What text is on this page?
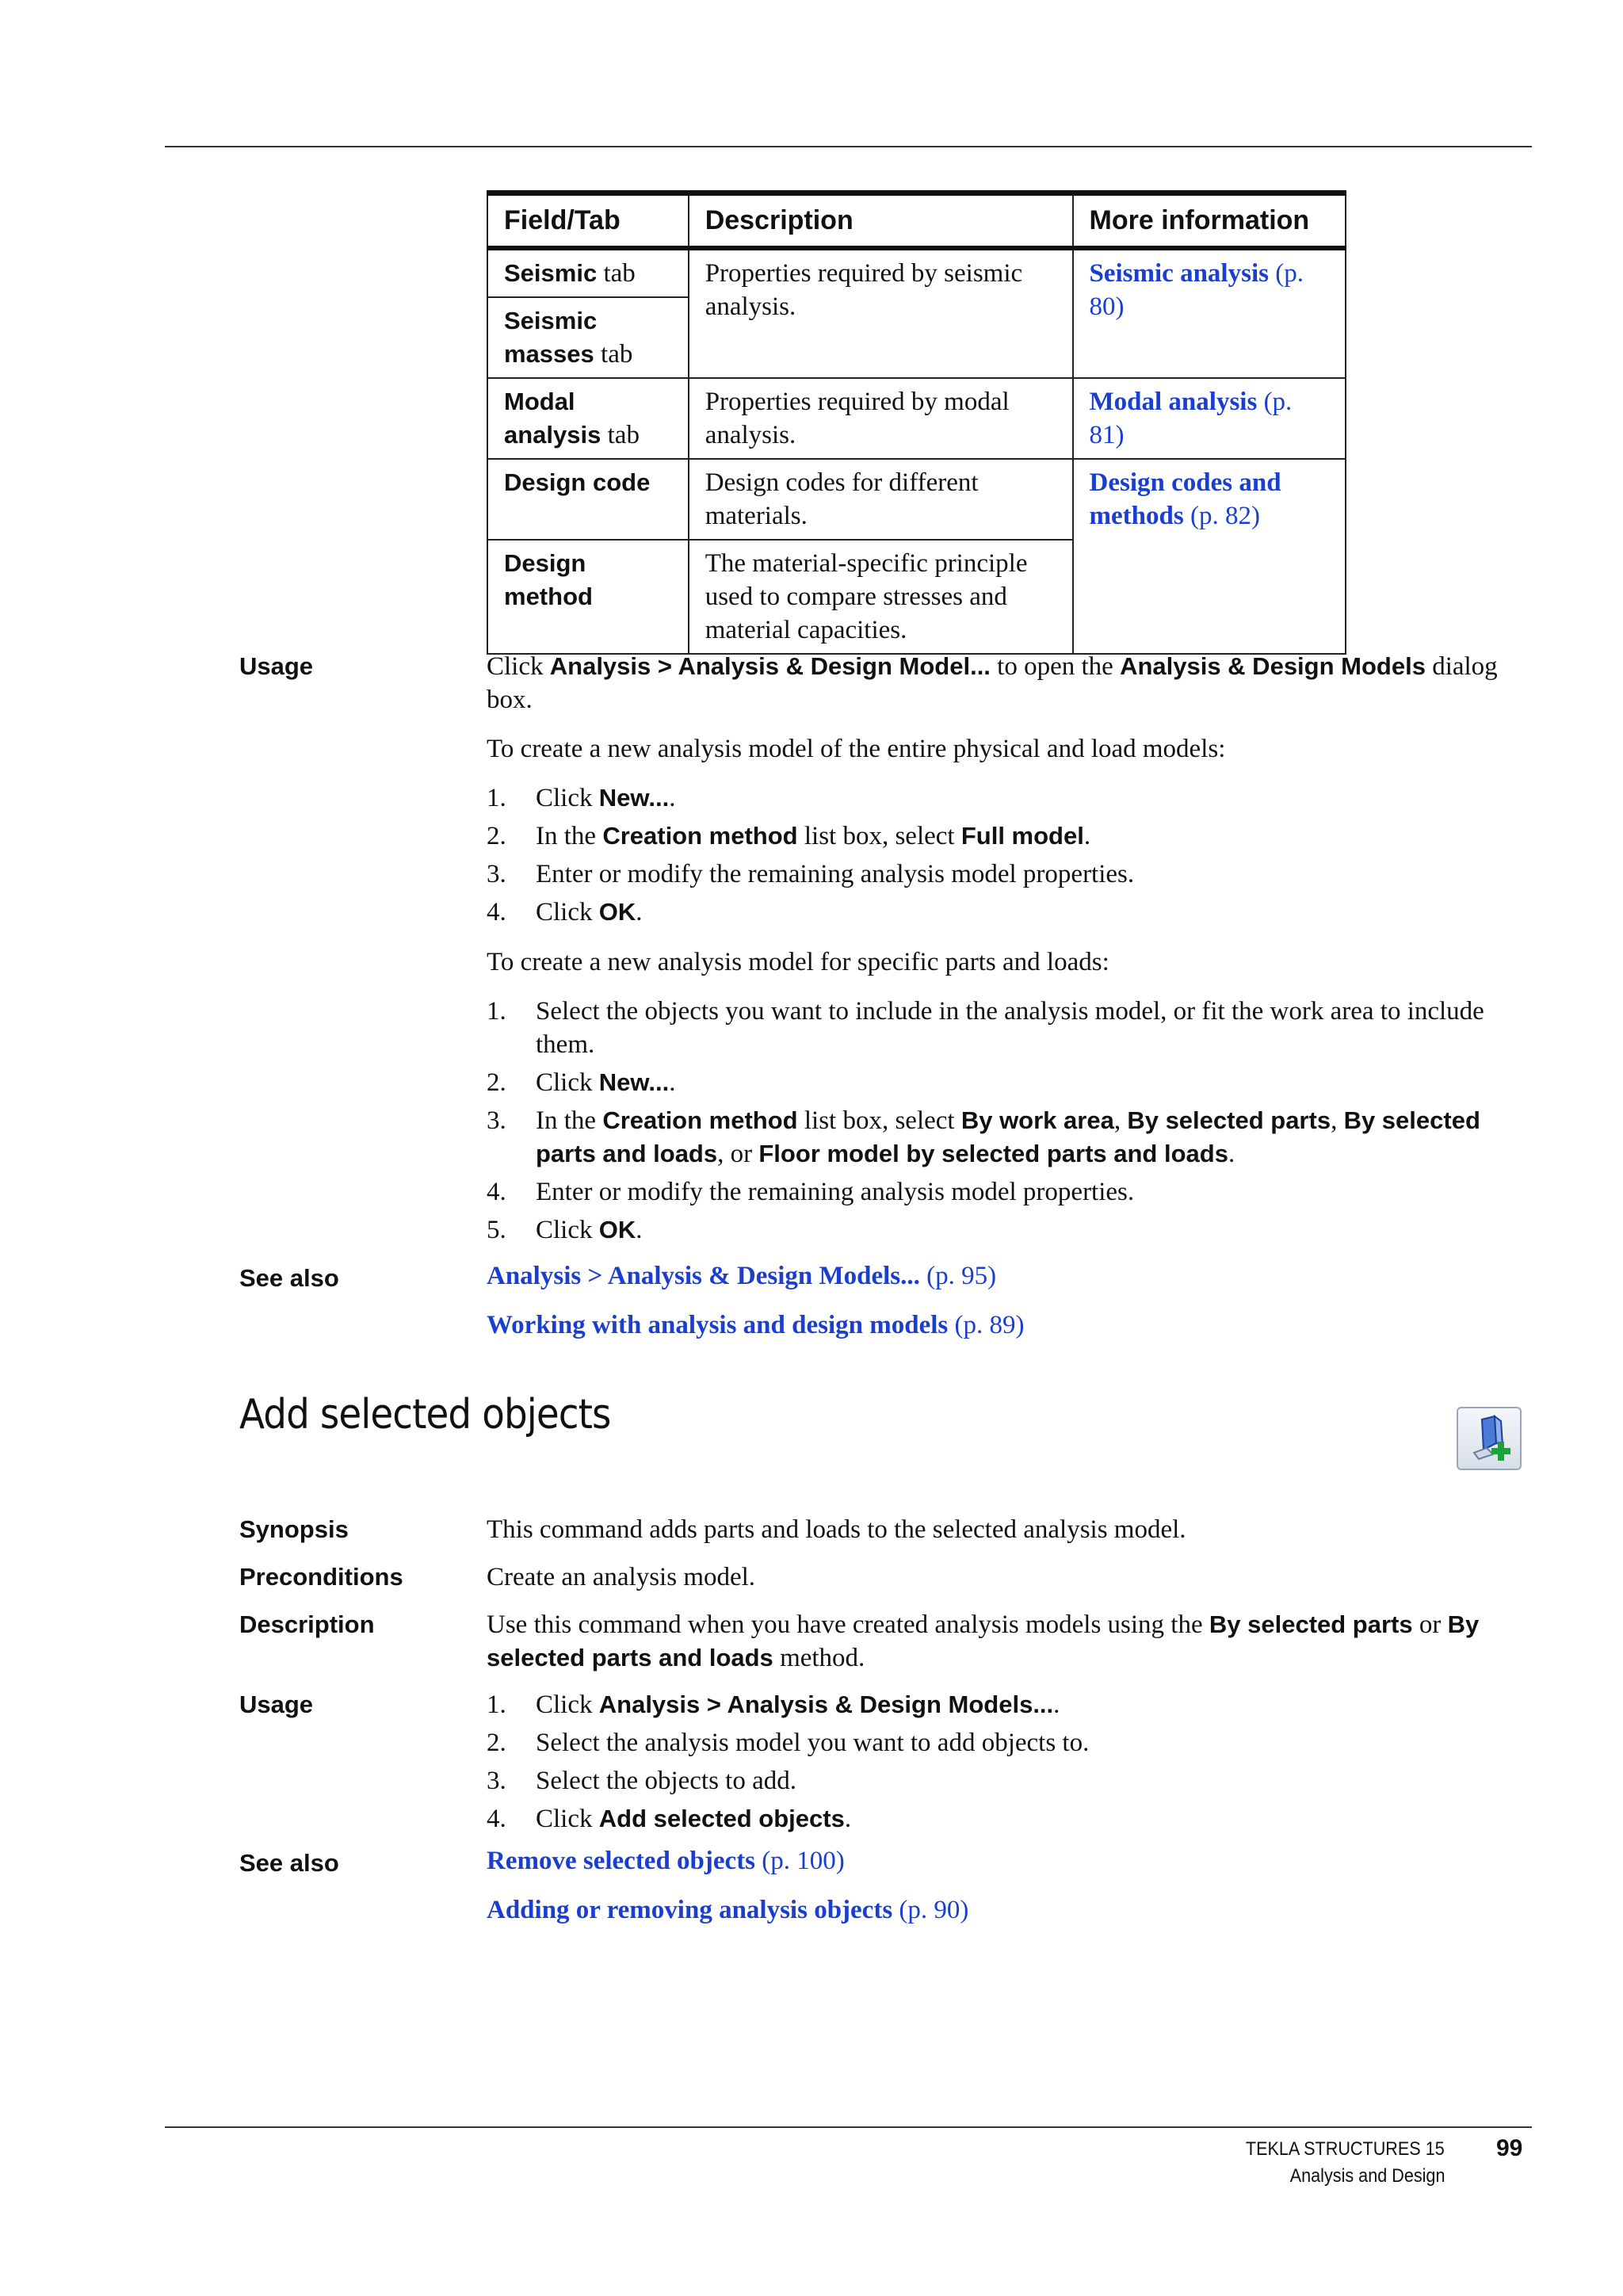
Field/Tab	Description	More information
Seismic tab	Properties required by seismic analysis.	Seismic analysis (p. 80)
Seismic masses tab		
Modal analysis tab	Properties required by modal analysis.	Modal analysis (p. 81)
Design code	Design codes for different materials.	Design codes and methods (p. 82)
Design method	The material-specific principle used to compare stresses and material capacities.	
Usage	Click Analysis > Analysis & Design Model... to open the Analysis & Design Models dialog box.
To create a new analysis model of the entire physical and load models:
1. Click New....
2. In the Creation method list box, select Full model.
3. Enter or modify the remaining analysis model properties.
4. Click OK.
To create a new analysis model for specific parts and loads:
1. Select the objects you want to include in the analysis model, or fit the work area to include them.
2. Click New....
3. In the Creation method list box, select By work area, By selected parts, By selected parts and loads, or Floor model by selected parts and loads.
4. Enter or modify the remaining analysis model properties.
5. Click OK.
See also	Analysis > Analysis & Design Models... (p. 95)
Working with analysis and design models (p. 89)
Add selected objects
Synopsis	This command adds parts and loads to the selected analysis model.
Preconditions	Create an analysis model.
Description	Use this command when you have created analysis models using the By selected parts or By selected parts and loads method.
Usage	1. Click Analysis > Analysis & Design Models....
2. Select the analysis model you want to add objects to.
3. Select the objects to add.
4. Click Add selected objects.
See also	Remove selected objects (p. 100)
Adding or removing analysis objects (p. 90)
TEKLA STRUCTURES 15
Analysis and Design
99
